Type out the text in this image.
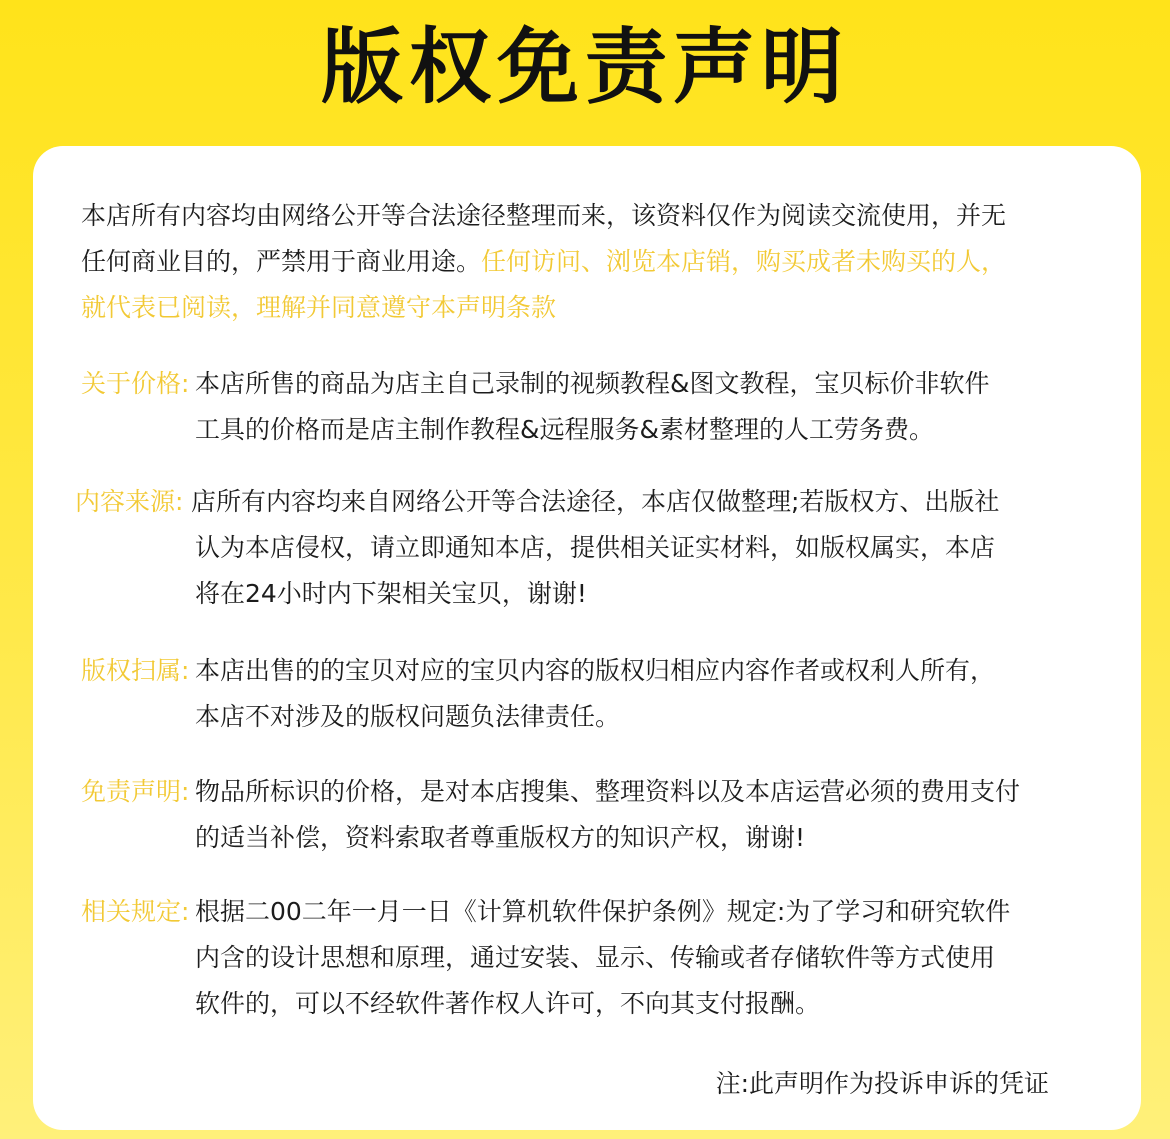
版权免责声明
本店所有内容均由网络公开等合法途径整理而来，该资料仅作为阅读交流使用，并无
任何商业目的，严禁用于商业用途。任何访问、浏览本店销，购买成者未购买的人，
就代表已阅读，理解并同意遵守本声明条款
关于价格: 本店所售的商品为店主自己录制的视频教程&图文教程，宝贝标价非软件
工具的价格而是店主制作教程&远程服务&素材整理的人工劳务费。
内容来源: 店所有内容均来自网络公开等合法途径，本店仅做整理;若版权方、出版社
认为本店侵权，请立即通知本店，提供相关证实材料，如版权属实，本店
将在24小时内下架相关宝贝，谢谢!
版权扫属: 本店出售的的宝贝对应的宝贝内容的版权归相应内容作者或权利人所有，
本店不对涉及的版权问题负法律责任。
免责声明: 物品所标识的价格，是对本店搜集、整理资料以及本店运营必须的费用支付
的适当补偿，资料索取者尊重版权方的知识产权，谢谢!
相关规定: 根据二00二年一月一日《计算机软件保护条例》规定:为了学习和研究软件
内含的设计思想和原理，通过安装、显示、传输或者存储软件等方式使用
软件的，可以不经软件著作权人许可，不向其支付报酬。
注:此声明作为投诉申诉的凭证
